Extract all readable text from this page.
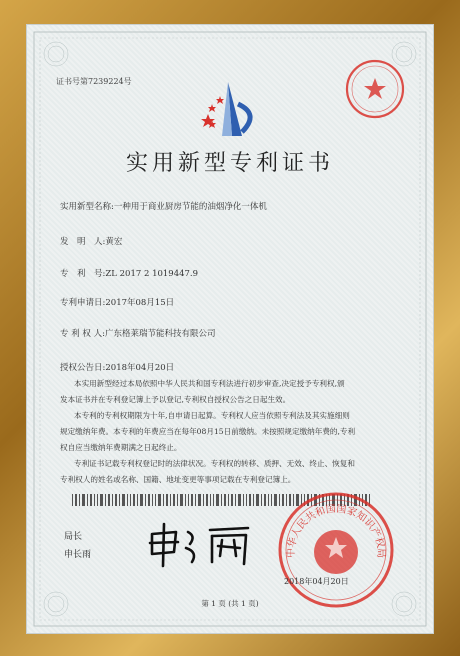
证书号第7239224号
实用新型专利证书
实用新型名称:一种用于商业厨房节能的油烟净化一体机
发　明　人:黄宏
专　利　号:ZL 2017 2 1019447.9
专利申请日:2017年08月15日
专 利 权 人:广东格莱瑞节能科技有限公司
授权公告日:2018年04月20日
本实用新型经过本局依照中华人民共和国专利法进行初步审查,决定授予专利权,颁
发本证书并在专利登记簿上予以登记,专利权自授权公告之日起生效。
本专利的专利权期限为十年,自申请日起算。专利权人应当依照专利法及其实施细则
规定缴纳年费。本专利的年费应当在每年08月15日前缴纳。未按照规定缴纳年费的,专利
权自应当缴纳年费期满之日起终止。
专利证书记载专利权登记时的法律状况。专利权的转移、质押、无效、终止、恢复和
专利权人的姓名或名称、国籍、地址变更等事项记载在专利登记簿上。
局长
申长雨	中华人民共和国国家知识产权局
2018年04月20日
第 1 页 (共 1 页)
